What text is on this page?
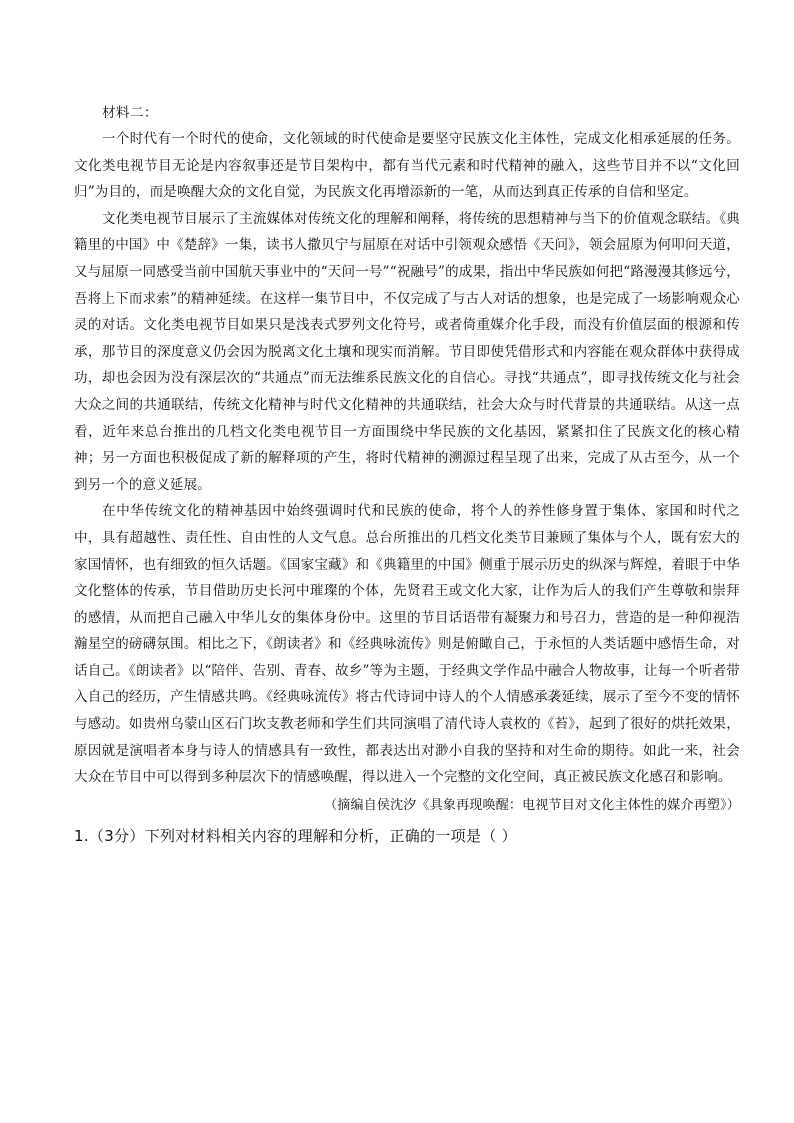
材料二：

一个时代有一个时代的使命，文化领域的时代使命是要坚守民族文化主体性，完成文化相承延展的任务。文化类电视节目无论是内容叙事还是节目架构中，都有当代元素和时代精神的融入，这些节目并不以“文化回归”为目的，而是唤醒大众的文化自觉，为民族文化再增添新的一笔，从而达到真正传承的自信和坚定。

文化类电视节目展示了主流媒体对传统文化的理解和阐释，将传统的思想精神与当下的价值观念联结。《典籍里的中国》中《楚辞》一集，读书人撒贝宁与屈原在对话中引领观众感悟《天问》，领会屈原为何叩问天道，又与屈原一同感受当前中国航天事业中的“天问一号”“祝融号”的成果，指出中华民族如何把“路漫漫其修远兮，吾将上下而求索”的精神延续。在这样一集节目中，不仅完成了与古人对话的想象，也是完成了一场影响观众心灵的对话。文化类电视节目如果只是浅表式罗列文化符号，或者倚重媒介化手段，而没有价值层面的根源和传承，那节目的深度意义仍会因为脱离文化土壤和现实而消解。节目即使凭借形式和内容能在观众群体中获得成功，却也会因为没有深层次的“共通点”而无法维系民族文化的自信心。寻找“共通点”，即寻找传统文化与社会大众之间的共通联结，传统文化精神与时代文化精神的共通联结，社会大众与时代背景的共通联结。从这一点看，近年来总台推出的几档文化类电视节目一方面围绕中华民族的文化基因，紧紧扣住了民族文化的核心精神；另一方面也积极促成了新的解释项的产生，将时代精神的溯源过程呈现了出来，完成了从古至今，从一个到另一个的意义延展。

在中华传统文化的精神基因中始终强调时代和民族的使命，将个人的养性修身置于集体、家国和时代之中，具有超越性、责任性、自由性的人文气息。总台所推出的几档文化类节目兼顾了集体与个人，既有宏大的家国情怀，也有细致的恒久话题。《国家宝藏》和《典籍里的中国》侧重于展示历史的纵深与辉煌，着眼于中华文化整体的传承，节目借助历史长河中璀璨的个体，先贤君王或文化大家，让作为后人的我们产生尊敬和崇拜的感情，从而把自己融入中华儿女的集体身份中。这里的节目话语带有凝聚力和号召力，营造的是一种仰视浩瀚星空的磅礴氛围。相比之下，《朗读者》和《经典咏流传》则是俯瞰自己，于永恒的人类话题中感悟生命，对话自己。《朗读者》以“陪伴、告别、青春、故乡”等为主题，于经典文学作品中融合人物故事，让每一个听者带入自己的经历，产生情感共鸣。《经典咏流传》将古代诗词中诗人的个人情感承袭延续，展示了至今不变的情怀与感动。如贵州乌蒙山区石门坎支教老师和学生们共同演唱了清代诗人袁枚的《苔》，起到了很好的烘托效果，原因就是演唱者本身与诗人的情感具有一致性，都表达出对渺小自我的坚持和对生命的期待。如此一来，社会大众在节目中可以得到多种层次下的情感唤醒，得以进入一个完整的文化空间，真正被民族文化感召和影响。

（摘编自侯沈汐《具象再现唤醒：电视节目对文化主体性的媒介再塑》）

1.（3分）下列对材料相关内容的理解和分析，正确的一项是（ ）
